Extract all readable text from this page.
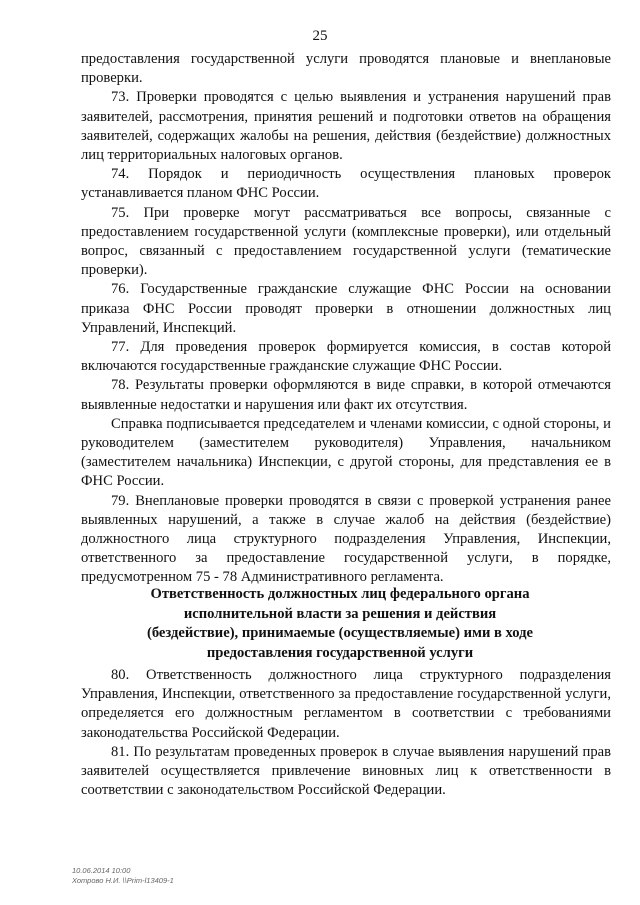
25

предоставления государственной услуги проводятся плановые и внеплановые проверки.

73. Проверки проводятся с целью выявления и устранения нарушений прав заявителей, рассмотрения, принятия решений и подготовки ответов на обращения заявителей, содержащих жалобы на решения, действия (бездействие) должностных лиц территориальных налоговых органов.

74. Порядок и периодичность осуществления плановых проверок устанавливается планом ФНС России.

75. При проверке могут рассматриваться все вопросы, связанные с предоставлением государственной услуги (комплексные проверки), или отдельный вопрос, связанный с предоставлением государственной услуги (тематические проверки).

76. Государственные гражданские служащие ФНС России на основании приказа ФНС России проводят проверки в отношении должностных лиц Управлений, Инспекций.

77. Для проведения проверок формируется комиссия, в состав которой включаются государственные гражданские служащие ФНС России.

78. Результаты проверки оформляются в виде справки, в которой отмечаются выявленные недостатки и нарушения или факт их отсутствия.

Справка подписывается председателем и членами комиссии, с одной стороны, и руководителем (заместителем руководителя) Управления, начальником (заместителем начальника) Инспекции, с другой стороны, для представления ее в ФНС России.

79. Внеплановые проверки проводятся в связи с проверкой устранения ранее выявленных нарушений, а также в случае жалоб на действия (бездействие) должностного лица структурного подразделения Управления, Инспекции, ответственного за предоставление государственной услуги, в порядке, предусмотренном 75 - 78 Административного регламента.

Ответственность должностных лиц федерального органа
исполнительной власти за решения и действия
(бездействие), принимаемые (осуществляемые) ими в ходе
предоставления государственной услуги

80. Ответственность должностного лица структурного подразделения Управления, Инспекции, ответственного за предоставление государственной услуги, определяется его должностным регламентом в соответствии с требованиями законодательства Российской Федерации.

81. По результатам проведенных проверок в случае выявления нарушений прав заявителей осуществляется привлечение виновных лиц к ответственности в соответствии с законодательством Российской Федерации.

10.06.2014 10:00
Хотрово Н.И. \\Prim-l13409-1
